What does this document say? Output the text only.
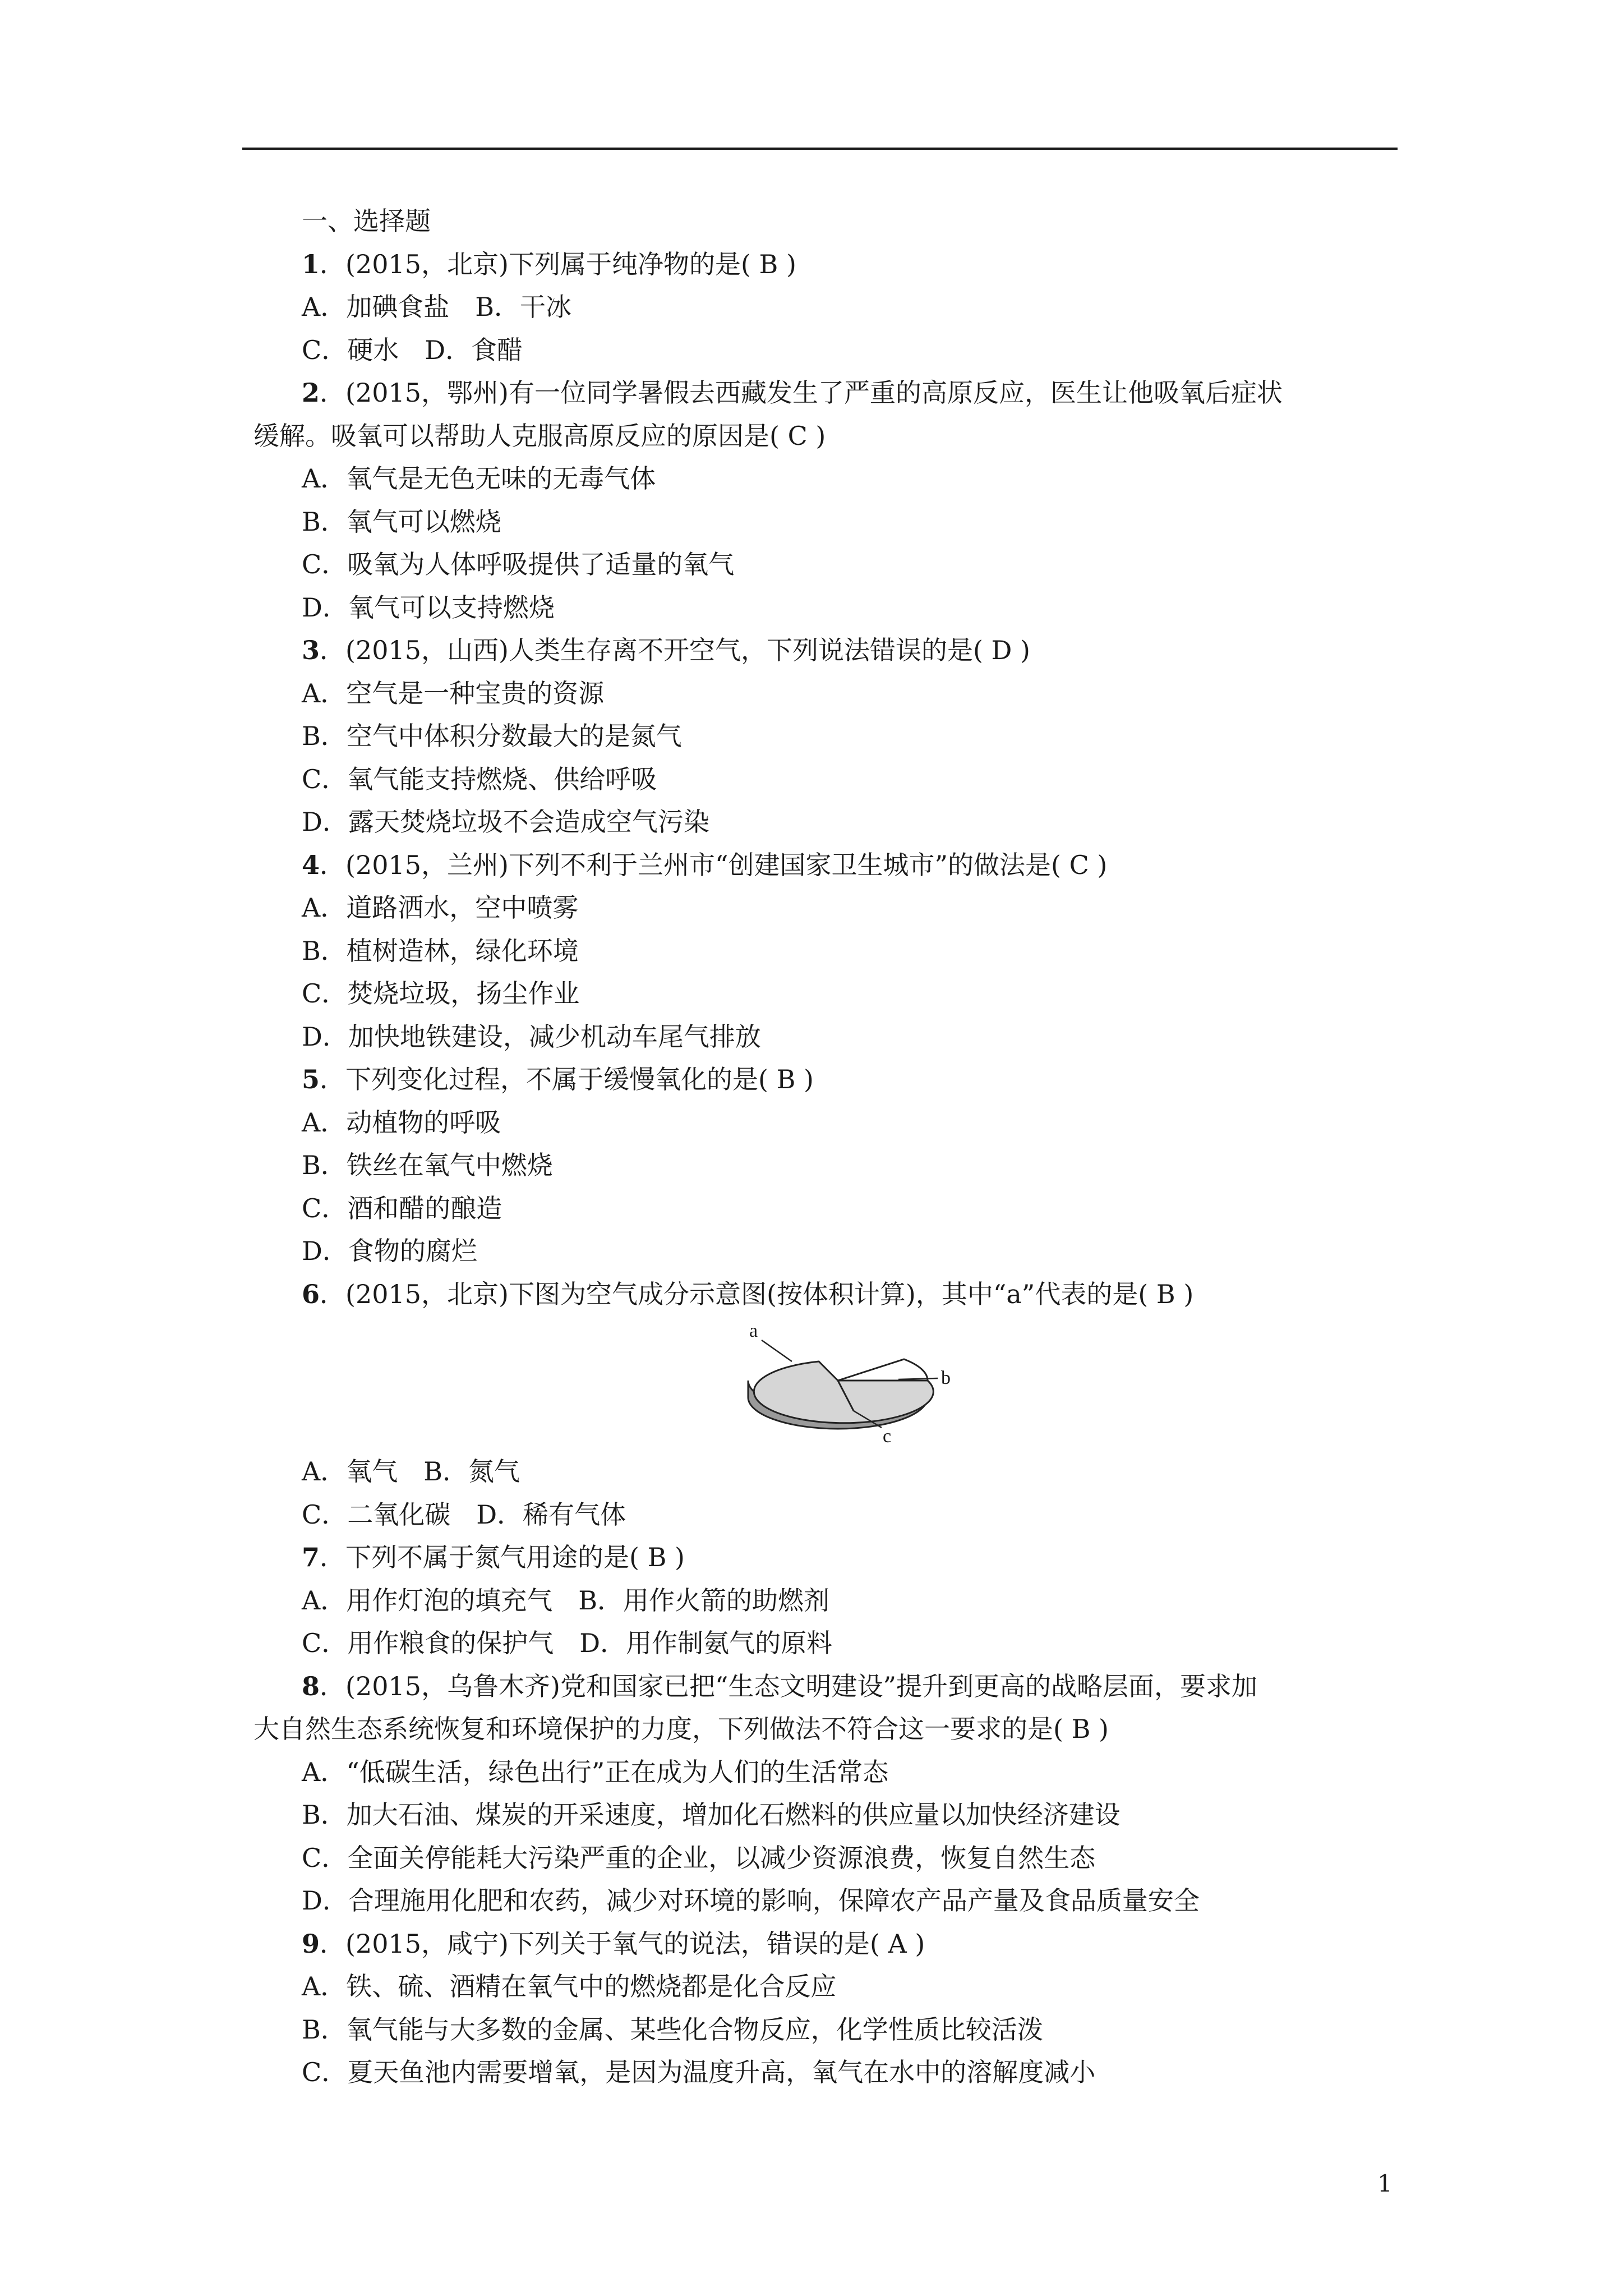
一、选择题
1．(2015，北京)下列属于纯净物的是( B )
A．加碘食盐　B．干冰
C．硬水　D．食醋
2．(2015，鄂州)有一位同学暑假去西藏发生了严重的高原反应，医生让他吸氧后症状
缓解。吸氧可以帮助人克服高原反应的原因是( C )
A．氧气是无色无味的无毒气体
B．氧气可以燃烧
C．吸氧为人体呼吸提供了适量的氧气
D．氧气可以支持燃烧
3．(2015，山西)人类生存离不开空气，下列说法错误的是( D )
A．空气是一种宝贵的资源
B．空气中体积分数最大的是氮气
C．氧气能支持燃烧、供给呼吸
D．露天焚烧垃圾不会造成空气污染
4．(2015，兰州)下列不利于兰州市“创建国家卫生城市”的做法是( C )
A．道路洒水，空中喷雾
B．植树造林，绿化环境
C．焚烧垃圾，扬尘作业
D．加快地铁建设，减少机动车尾气排放
5．下列变化过程，不属于缓慢氧化的是( B )
A．动植物的呼吸
B．铁丝在氧气中燃烧
C．酒和醋的酿造
D．食物的腐烂
6．(2015，北京)下图为空气成分示意图(按体积计算)，其中“a”代表的是( B )
a
b
c
A．氧气　B．氮气
C．二氧化碳　D．稀有气体
7．下列不属于氮气用途的是( B )
A．用作灯泡的填充气　B．用作火箭的助燃剂
C．用作粮食的保护气　D．用作制氨气的原料
8．(2015，乌鲁木齐)党和国家已把“生态文明建设”提升到更高的战略层面，要求加
大自然生态系统恢复和环境保护的力度，下列做法不符合这一要求的是( B )
A．“低碳生活，绿色出行”正在成为人们的生活常态
B．加大石油、煤炭的开采速度，增加化石燃料的供应量以加快经济建设
C．全面关停能耗大污染严重的企业，以减少资源浪费，恢复自然生态
D．合理施用化肥和农药，减少对环境的影响，保障农产品产量及食品质量安全
9．(2015，咸宁)下列关于氧气的说法，错误的是( A )
A．铁、硫、酒精在氧气中的燃烧都是化合反应
B．氧气能与大多数的金属、某些化合物反应，化学性质比较活泼
C．夏天鱼池内需要增氧，是因为温度升高，氧气在水中的溶解度减小
1
